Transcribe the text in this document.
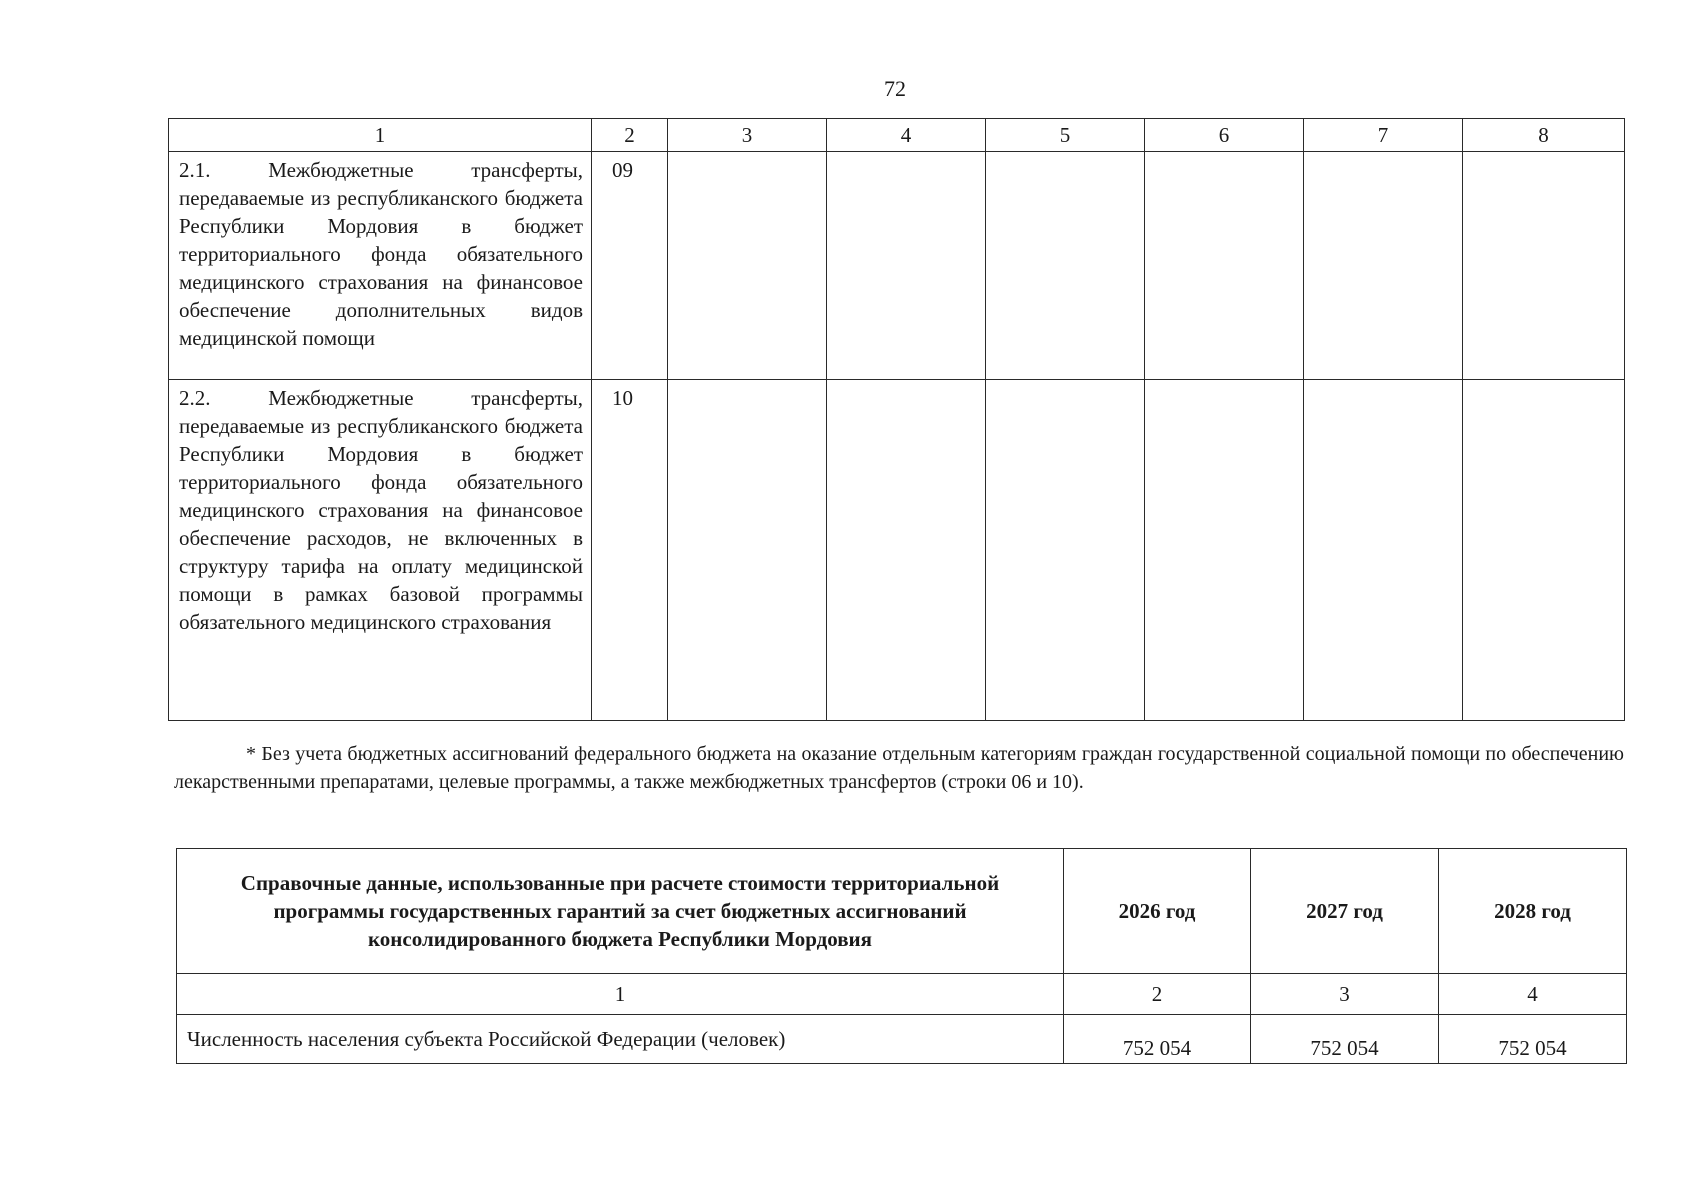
72
1	2	3	4	5	6	7	8
2.1. Межбюджетные трансферты, передаваемые из республиканского бюджета Республики Мордовия в бюджет территориального фонда обязательного медицинского страхования на финансовое обеспечение дополнительных видов медицинской помощи	09						
2.2. Межбюджетные трансферты, передаваемые из республиканского бюджета Республики Мордовия в бюджет территориального фонда обязательного медицинского страхования на финансовое обеспечение расходов, не включенных в структуру тарифа на оплату медицинской помощи в рамках базовой программы обязательного медицинского страхования	10						

* Без учета бюджетных ассигнований федерального бюджета на оказание отдельным категориям граждан государственной социальной помощи по обеспечению лекарственными препаратами, целевые программы, а также межбюджетных трансфертов (строки 06 и 10).

Справочные данные, использованные при расчете стоимости территориальной программы государственных гарантий за счет бюджетных ассигнований консолидированного бюджета Республики Мордовия	2026 год	2027 год	2028 год
1	2	3	4
Численность населения субъекта Российской Федерации (человек)	752 054	752 054	752 054
